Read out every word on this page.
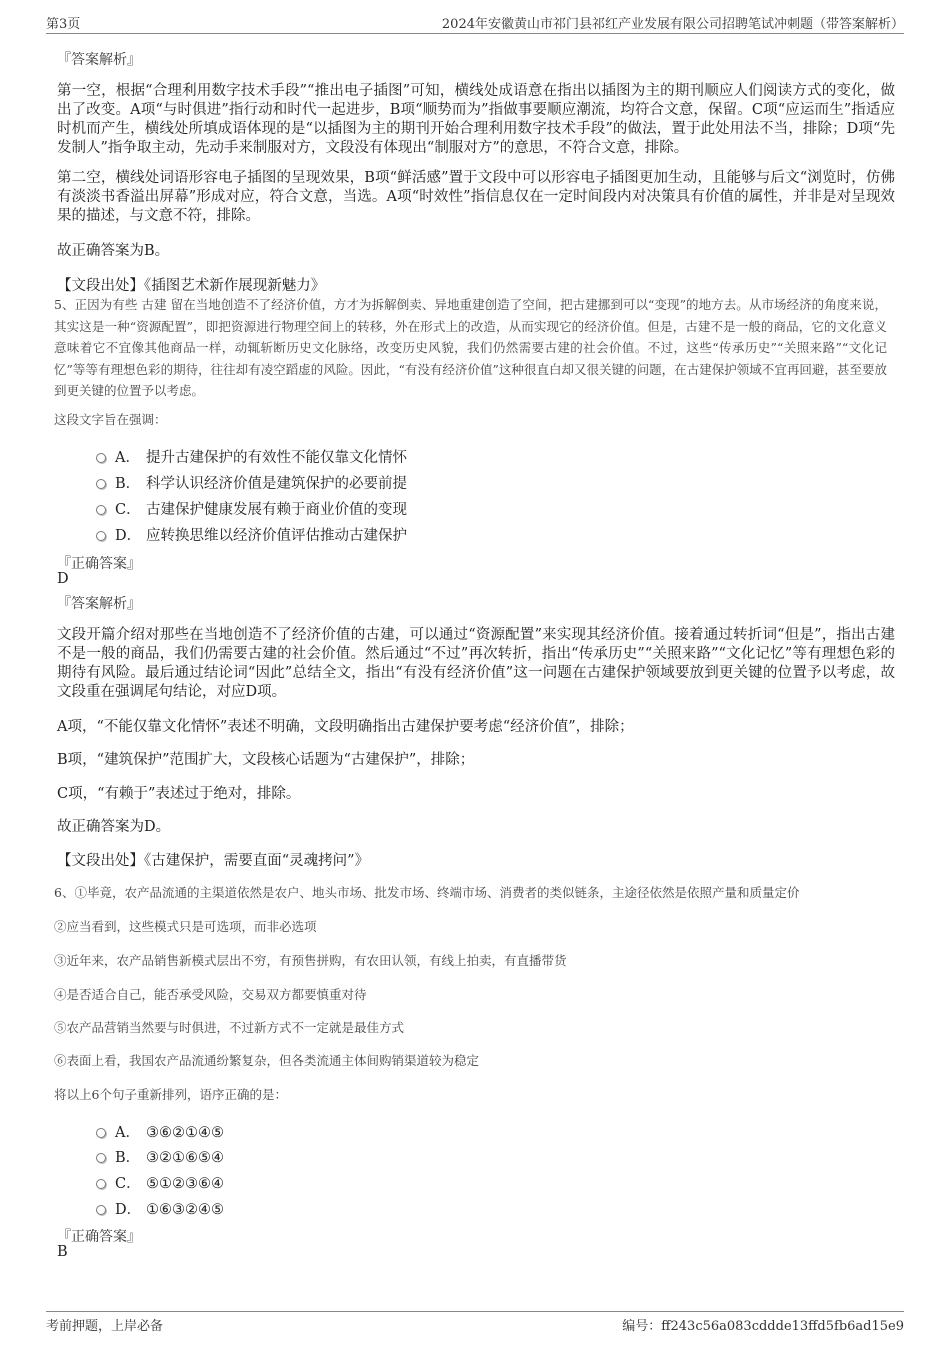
第3页	2024年安徽黄山市祁门县祁红产业发展有限公司招聘笔试冲刺题（带答案解析）
『答案解析』
第一空，根据“合理利用数字技术手段”“推出电子插图”可知，横线处成语意在指出以插图为主的期刊顺应人们阅读方式的变化，做出了改变。A项“与时俱进”指行动和时代一起进步，B项“顺势而为”指做事要顺应潮流，均符合文意，保留。C项“应运而生”指适应时机而产生，横线处所填成语体现的是“以插图为主的期刊开始合理利用数字技术手段”的做法，置于此处用法不当，排除；D项“先发制人”指争取主动，先动手来制服对方，文段没有体现出“制服对方”的意思，不符合文意，排除。
第二空，横线处词语形容电子插图的呈现效果，B项“鲜活感”置于文段中可以形容电子插图更加生动，且能够与后文“浏览时，仿佛有淡淡书香溢出屏幕”形成对应，符合文意，当选。A项“时效性”指信息仅在一定时间段内对决策具有价值的属性，并非是对呈现效果的描述，与文意不符，排除。
故正确答案为B。
【文段出处】《插图艺术新作展现新魅力》
5、正因为有些 古建 留在当地创造不了经济价值，方才为拆解倒卖、异地重建创造了空间，把古建挪到可以“变现”的地方去。从市场经济的角度来说，其实这是一种“资源配置”，即把资源进行物理空间上的转移，外在形式上的改造，从而实现它的经济价值。但是，古建不是一般的商品，它的文化意义意味着它不宜像其他商品一样，动辄斩断历史文化脉络，改变历史风貌，我们仍然需要古建的社会价值。不过，这些“传承历史”“关照来路”“文化记忆”等等有理想色彩的期待，往往却有凌空蹈虚的风险。因此，“有没有经济价值”这种很直白却又很关键的问题，在古建保护领域不宜再回避，甚至要放到更关键的位置予以考虑。
这段文字旨在强调：
A． 提升古建保护的有效性不能仅靠文化情怀
B． 科学认识经济价值是建筑保护的必要前提
C． 古建保护健康发展有赖于商业价值的变现
D． 应转换思维以经济价值评估推动古建保护
『正确答案』
D
『答案解析』
文段开篇介绍对那些在当地创造不了经济价值的古建，可以通过“资源配置”来实现其经济价值。接着通过转折词“但是”，指出古建不是一般的商品，我们仍需要古建的社会价值。然后通过“不过”再次转折，指出“传承历史”“关照来路”“文化记忆”等有理想色彩的期待有风险。最后通过结论词“因此”总结全文，指出“有没有经济价值”这一问题在古建保护领域要放到更关键的位置予以考虑，故文段重在强调尾句结论，对应D项。
A项，“不能仅靠文化情怀”表述不明确，文段明确指出古建保护要考虑“经济价值”，排除；
B项，“建筑保护”范围扩大，文段核心话题为“古建保护”，排除；
C项，“有赖于”表述过于绝对，排除。
故正确答案为D。
【文段出处】《古建保护，需要直面“灵魂拷问”》
6、①毕竟，农产品流通的主渠道依然是农户、地头市场、批发市场、终端市场、消费者的类似链条，主途径依然是依照产量和质量定价
②应当看到，这些模式只是可选项，而非必选项
③近年来，农产品销售新模式层出不穷，有预售拼购，有农田认领，有线上拍卖，有直播带货
④是否适合自己，能否承受风险，交易双方都要慎重对待
⑤农产品营销当然要与时俱进，不过新方式不一定就是最佳方式
⑥表面上看，我国农产品流通纷繁复杂，但各类流通主体间购销渠道较为稳定
将以上6个句子重新排列，语序正确的是：
A． ③⑥②①④⑤
B． ③②①⑥⑤④
C． ⑤①②③⑥④
D． ①⑥③②④⑤
『正确答案』
B
考前押题，上岸必备	编号：ff243c56a083cddde13ffd5fb6ad15e9
